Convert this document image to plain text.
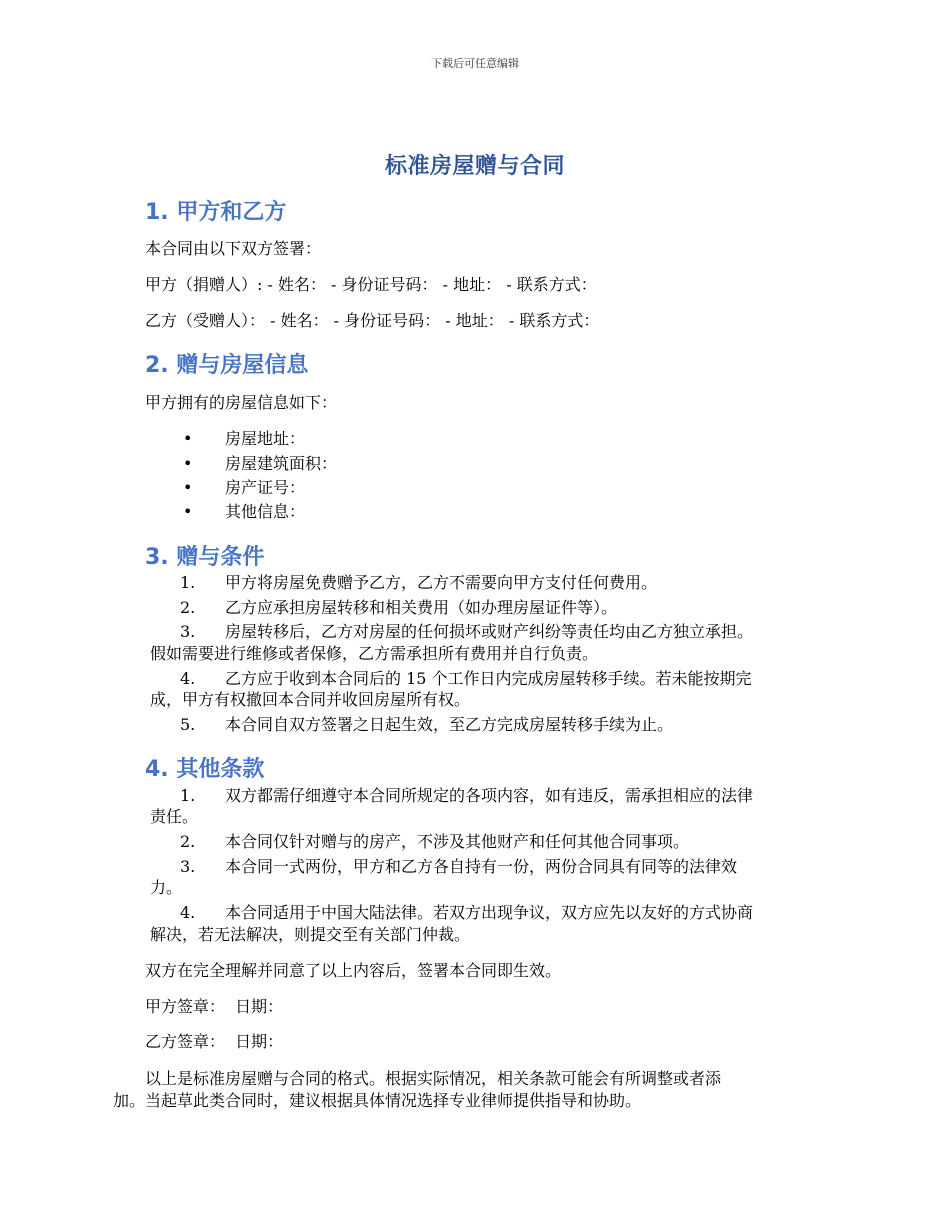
下载后可任意编辑
标准房屋赠与合同
1. 甲方和乙方
本合同由以下双方签署：
甲方（捐赠人）: - 姓名： - 身份证号码： - 地址： - 联系方式：
乙方（受赠人）： - 姓名： - 身份证号码： - 地址： - 联系方式：
2. 赠与房屋信息
甲方拥有的房屋信息如下：
• 房屋地址：
• 房屋建筑面积：
• 房产证号：
• 其他信息：
3. 赠与条件
1. 甲方将房屋免费赠予乙方，乙方不需要向甲方支付任何费用。
2. 乙方应承担房屋转移和相关费用（如办理房屋证件等）。
3. 房屋转移后，乙方对房屋的任何损坏或财产纠纷等责任均由乙方独立承担。
假如需要进行维修或者保修，乙方需承担所有费用并自行负责。
4. 乙方应于收到本合同后的 15 个工作日内完成房屋转移手续。若未能按期完
成，甲方有权撤回本合同并收回房屋所有权。
5. 本合同自双方签署之日起生效，至乙方完成房屋转移手续为止。
4. 其他条款
1. 双方都需仔细遵守本合同所规定的各项内容，如有违反，需承担相应的法律
责任。
2. 本合同仅针对赠与的房产，不涉及其他财产和任何其他合同事项。
3. 本合同一式两份，甲方和乙方各自持有一份，两份合同具有同等的法律效
力。
4. 本合同适用于中国大陆法律。若双方出现争议，双方应先以友好的方式协商
解决，若无法解决，则提交至有关部门仲裁。
双方在完全理解并同意了以上内容后，签署本合同即生效。
甲方签章：  日期：
乙方签章：  日期：
以上是标准房屋赠与合同的格式。根据实际情况，相关条款可能会有所调整或者添
加。当起草此类合同时，建议根据具体情况选择专业律师提供指导和协助。
